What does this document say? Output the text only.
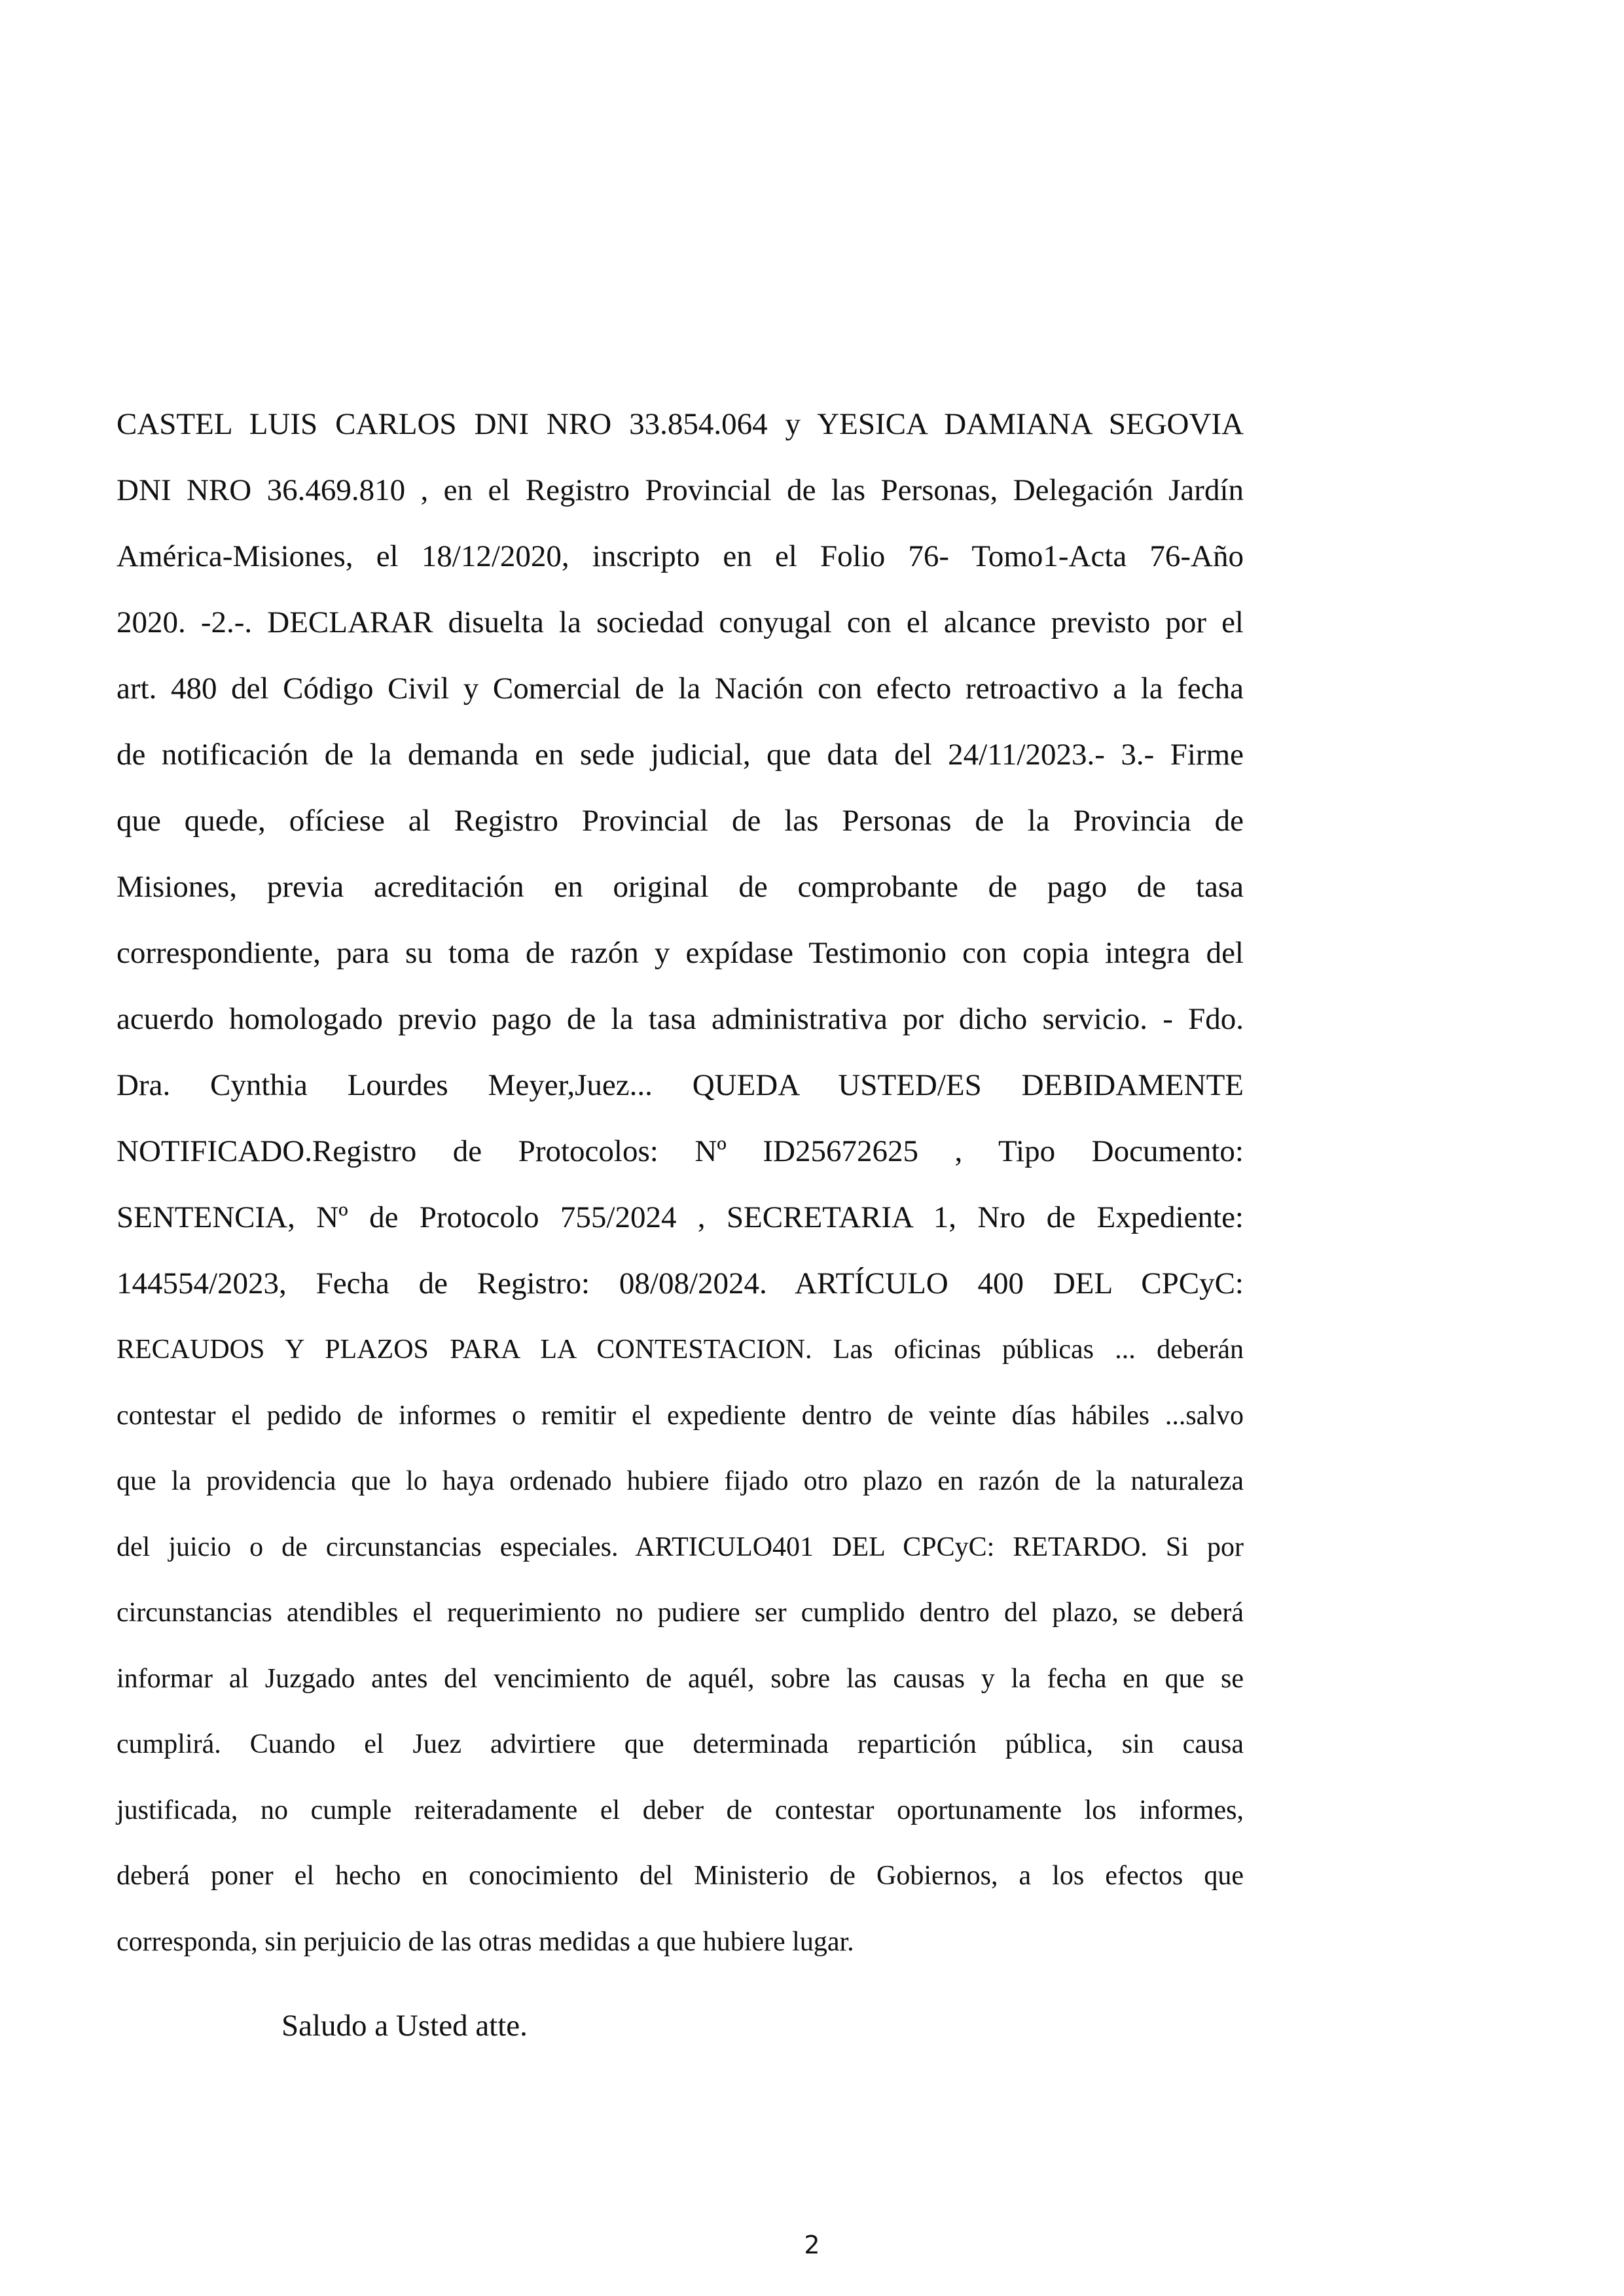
CASTEL LUIS CARLOS DNI NRO 33.854.064 y YESICA DAMIANA SEGOVIA
DNI NRO 36.469.810 , en el Registro Provincial de las Personas, Delegación Jardín
América-Misiones, el 18/12/2020, inscripto en el Folio 76- Tomo1-Acta 76-Año
2020. -2.-. DECLARAR disuelta la sociedad conyugal con el alcance previsto por el
art. 480 del Código Civil y Comercial de la Nación con efecto retroactivo a la fecha
de notificación de la demanda en sede judicial, que data del 24/11/2023.- 3.- Firme
que quede, ofíciese al Registro Provincial de las Personas de la Provincia de
Misiones, previa acreditación en original de comprobante de pago de tasa
correspondiente, para su toma de razón y expídase Testimonio con copia integra del
acuerdo homologado previo pago de la tasa administrativa por dicho servicio. - Fdo.
Dra. Cynthia Lourdes Meyer,Juez... QUEDA USTED/ES DEBIDAMENTE
NOTIFICADO.Registro de Protocolos: Nº ID25672625 , Tipo Documento:
SENTENCIA, Nº de Protocolo 755/2024 , SECRETARIA 1, Nro de Expediente:
144554/2023, Fecha de Registro: 08/08/2024. ARTÍCULO 400 DEL CPCyC:
RECAUDOS Y PLAZOS PARA LA CONTESTACION. Las oficinas públicas ... deberán
contestar el pedido de informes o remitir el expediente dentro de veinte días hábiles ...salvo
que la providencia que lo haya ordenado hubiere fijado otro plazo en razón de la naturaleza
del juicio o de circunstancias especiales. ARTICULO401 DEL CPCyC: RETARDO. Si por
circunstancias atendibles el requerimiento no pudiere ser cumplido dentro del plazo, se deberá
informar al Juzgado antes del vencimiento de aquél, sobre las causas y la fecha en que se
cumplirá. Cuando el Juez advirtiere que determinada repartición pública, sin causa
justificada, no cumple reiteradamente el deber de contestar oportunamente los informes,
deberá poner el hecho en conocimiento del Ministerio de Gobiernos, a los efectos que
corresponda, sin perjuicio de las otras medidas a que hubiere lugar.

Saludo a Usted atte.

2
